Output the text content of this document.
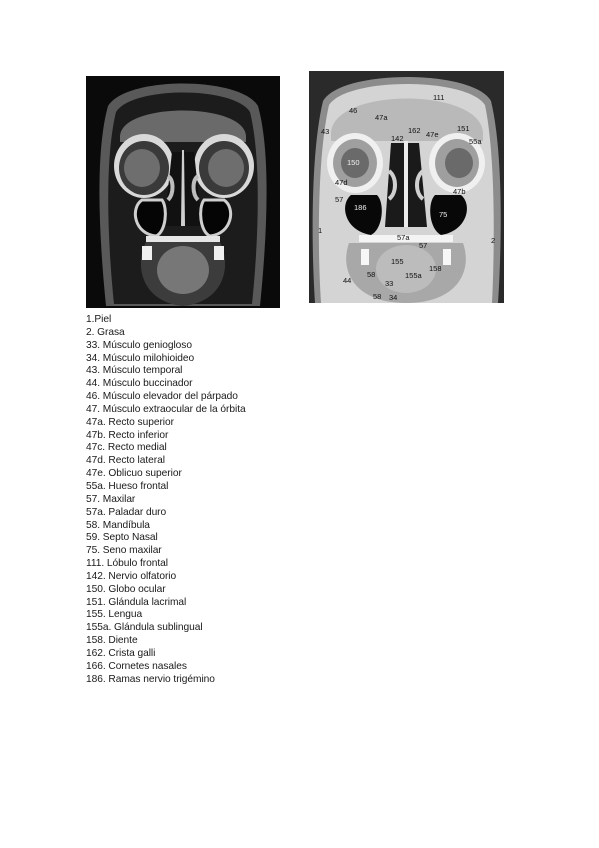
111
46
47a
43	162
142	47e
151
55a
150
47d
47b
57
186
75
1
2
57a
57
155
44
58
33
155a
158
58 34
1.Piel
2. Grasa
33. Músculo geniogloso
34. Músculo milohioideo
43. Músculo temporal
44. Músculo buccinador
46. Músculo elevador del párpado
47. Músculo extraocular de la órbita
47a. Recto superior
47b. Recto inferior
47c. Recto medial
47d. Recto lateral
47e. Oblicuo superior
55a. Hueso frontal
57. Maxilar
57a. Paladar duro
58. Mandíbula
59. Septo Nasal
75. Seno maxilar
111. Lóbulo frontal
142. Nervio olfatorio
150. Globo ocular
151. Glándula lacrimal
155. Lengua
155a. Glándula sublingual
158. Diente
162. Crista galli
166. Cornetes nasales
186. Ramas nervio trigémino
